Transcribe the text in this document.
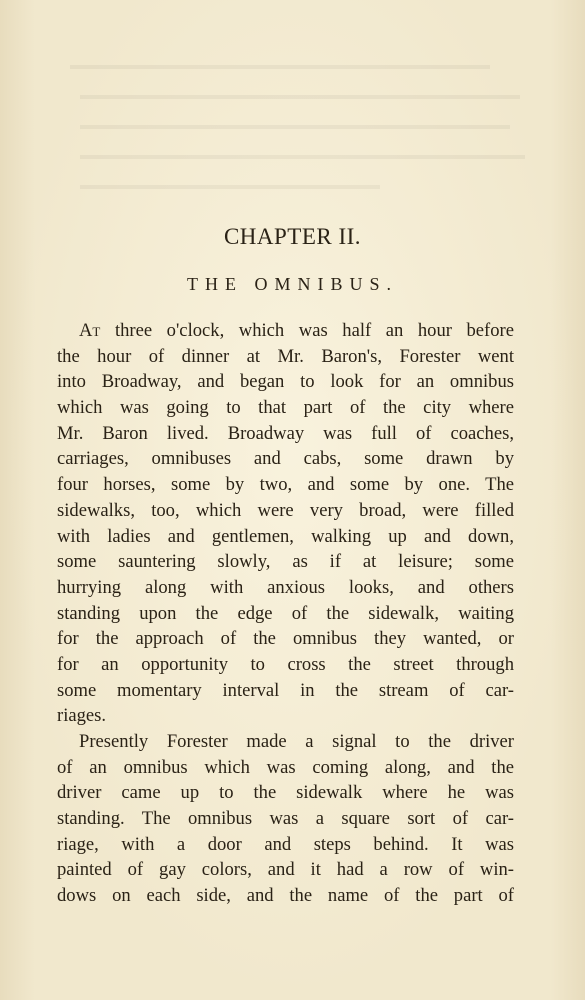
CHAPTER II.
THE OMNIBUS.
At three o'clock, which was half an hour before
the hour of dinner at Mr. Baron's, Forester went
into Broadway, and began to look for an omnibus
which was going to that part of the city where
Mr. Baron lived. Broadway was full of coaches,
carriages, omnibuses and cabs, some drawn by
four horses, some by two, and some by one. The
sidewalks, too, which were very broad, were filled
with ladies and gentlemen, walking up and down,
some sauntering slowly, as if at leisure; some
hurrying along with anxious looks, and others
standing upon the edge of the sidewalk, waiting
for the approach of the omnibus they wanted, or
for an opportunity to cross the street through
some momentary interval in the stream of car-
riages.
Presently Forester made a signal to the driver
of an omnibus which was coming along, and the
driver came up to the sidewalk where he was
standing. The omnibus was a square sort of car-
riage, with a door and steps behind. It was
painted of gay colors, and it had a row of win-
dows on each side, and the name of the part of
